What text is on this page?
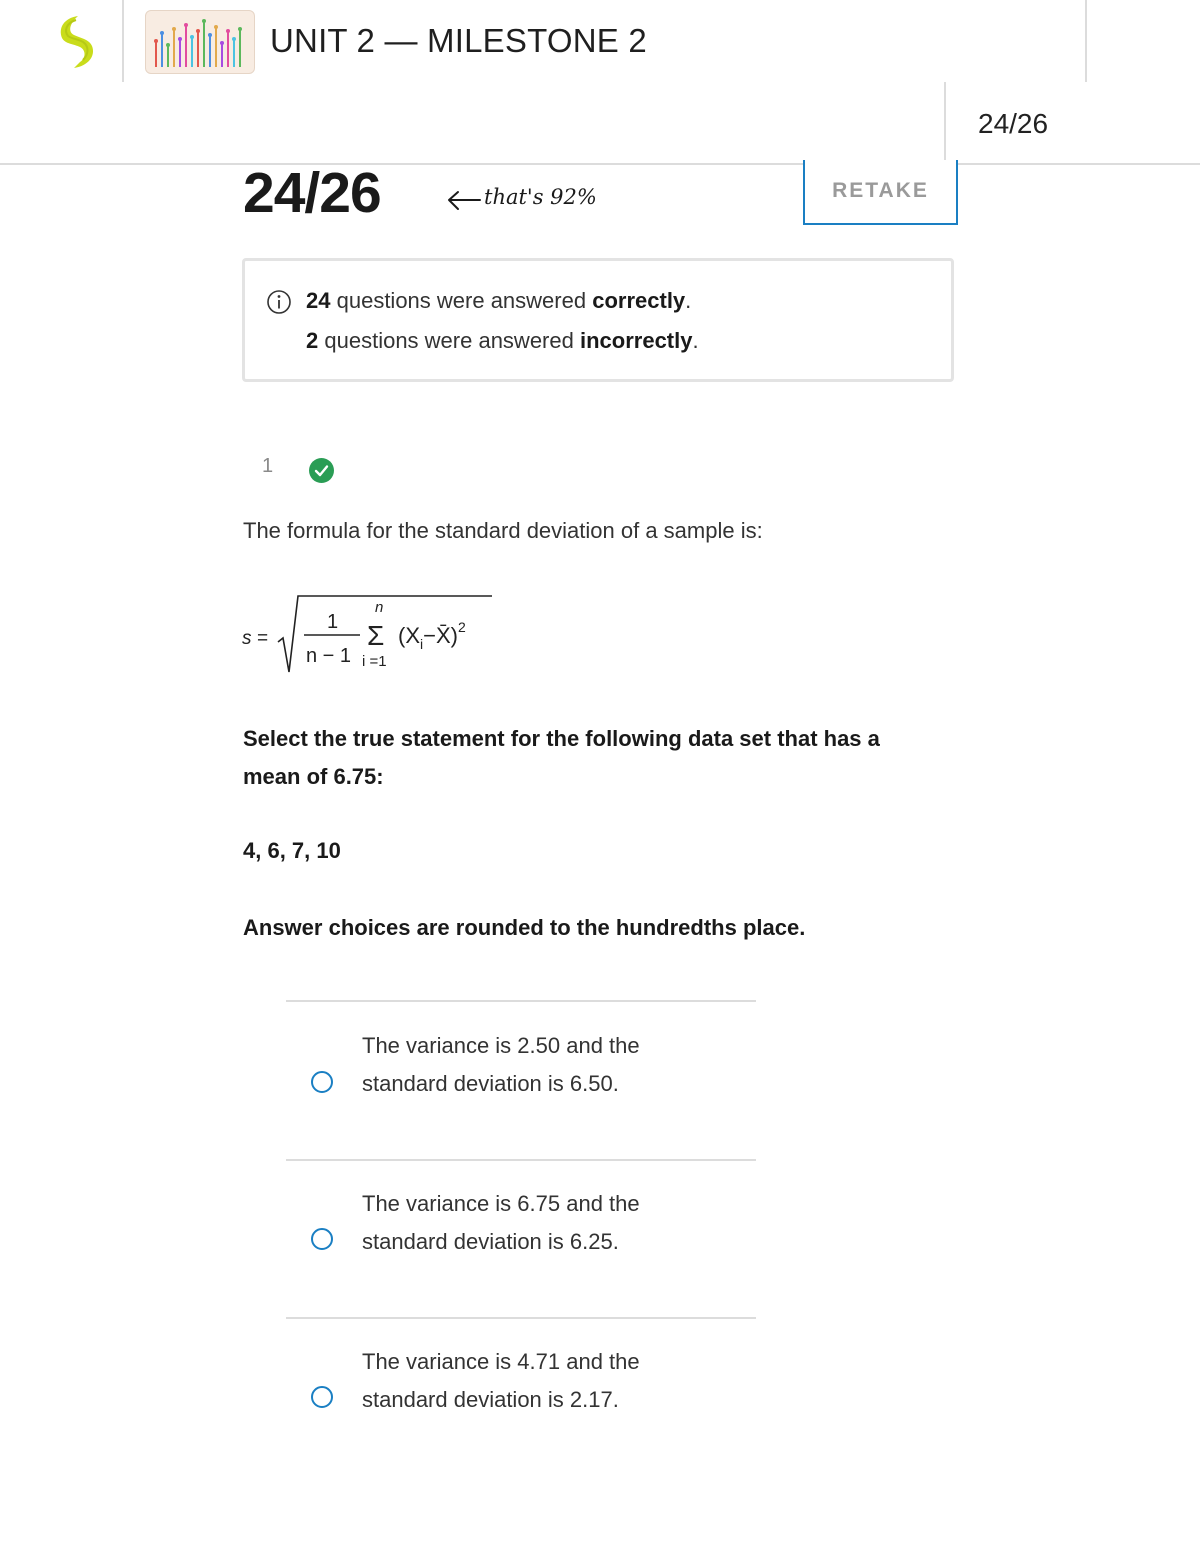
UNIT 2 — MILESTONE 2
24/26
24/26	that's 92%	RETAKE
24 questions were answered correctly.
2 questions were answered incorrectly.
1
The formula for the standard deviation of a sample is:
s =
1
n − 1
n
Σ
i =1
$(X_i-X̄)^2$
Select the true statement for the following data set that has a mean of 6.75:
4, 6, 7, 10
Answer choices are rounded to the hundredths place.
The variance is 2.50 and the
standard deviation is 6.50.
The variance is 6.75 and the
standard deviation is 6.25.
The variance is 4.71 and the
standard deviation is 2.17.
